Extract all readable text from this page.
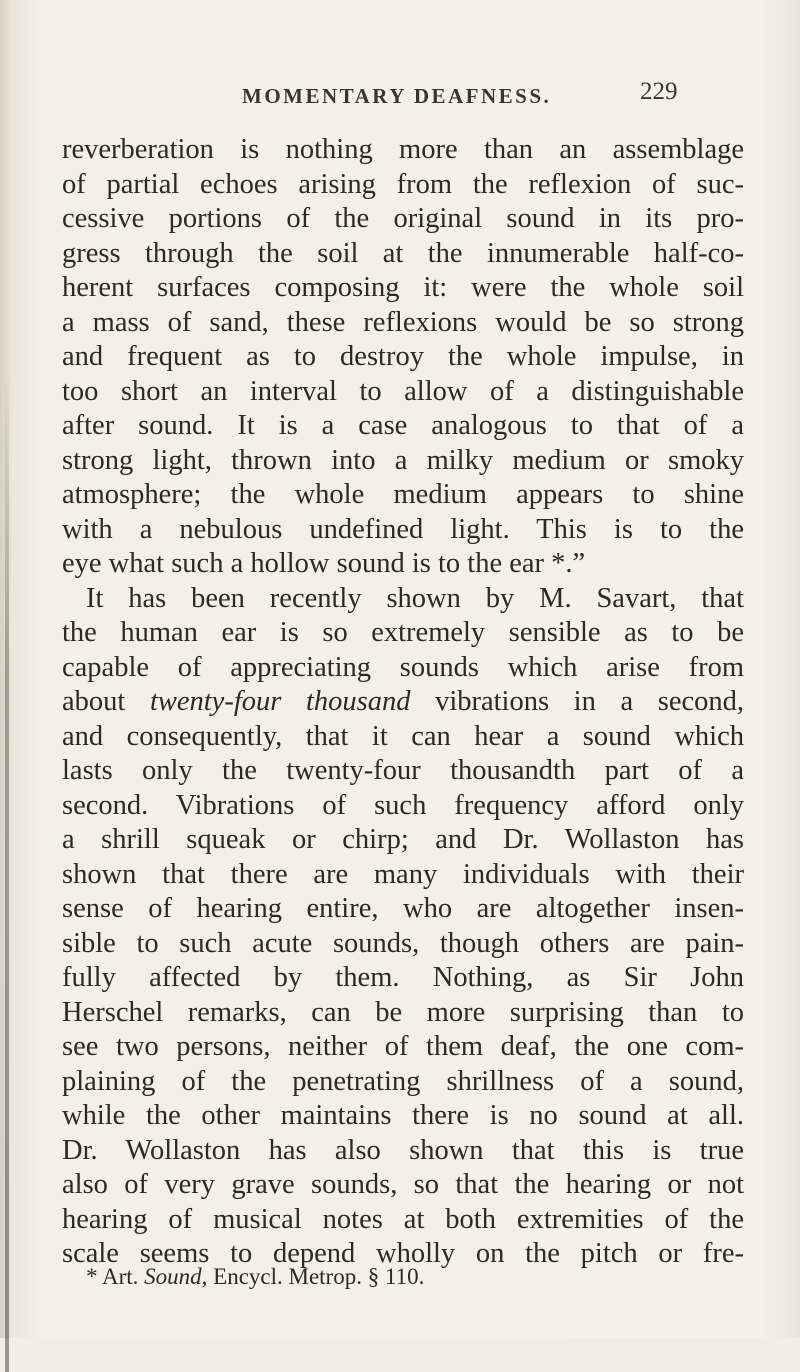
MOMENTARY DEAFNESS.	229
reverberation is nothing more than an assemblage
of partial echoes arising from the reflexion of suc-
cessive portions of the original sound in its pro-
gress through the soil at the innumerable half-co-
herent surfaces composing it: were the whole soil
a mass of sand, these reflexions would be so strong
and frequent as to destroy the whole impulse, in
too short an interval to allow of a distinguishable
after sound. It is a case analogous to that of a
strong light, thrown into a milky medium or smoky
atmosphere; the whole medium appears to shine
with a nebulous undefined light. This is to the
eye what such a hollow sound is to the ear *.”
It has been recently shown by M. Savart, that
the human ear is so extremely sensible as to be
capable of appreciating sounds which arise from
about twenty-four thousand vibrations in a second,
and consequently, that it can hear a sound which
lasts only the twenty-four thousandth part of a
second. Vibrations of such frequency afford only
a shrill squeak or chirp; and Dr. Wollaston has
shown that there are many individuals with their
sense of hearing entire, who are altogether insen-
sible to such acute sounds, though others are pain-
fully affected by them. Nothing, as Sir John
Herschel remarks, can be more surprising than to
see two persons, neither of them deaf, the one com-
plaining of the penetrating shrillness of a sound,
while the other maintains there is no sound at all.
Dr. Wollaston has also shown that this is true
also of very grave sounds, so that the hearing or not
hearing of musical notes at both extremities of the
scale seems to depend wholly on the pitch or fre-
* Art. Sound, Encycl. Metrop. § 110.
